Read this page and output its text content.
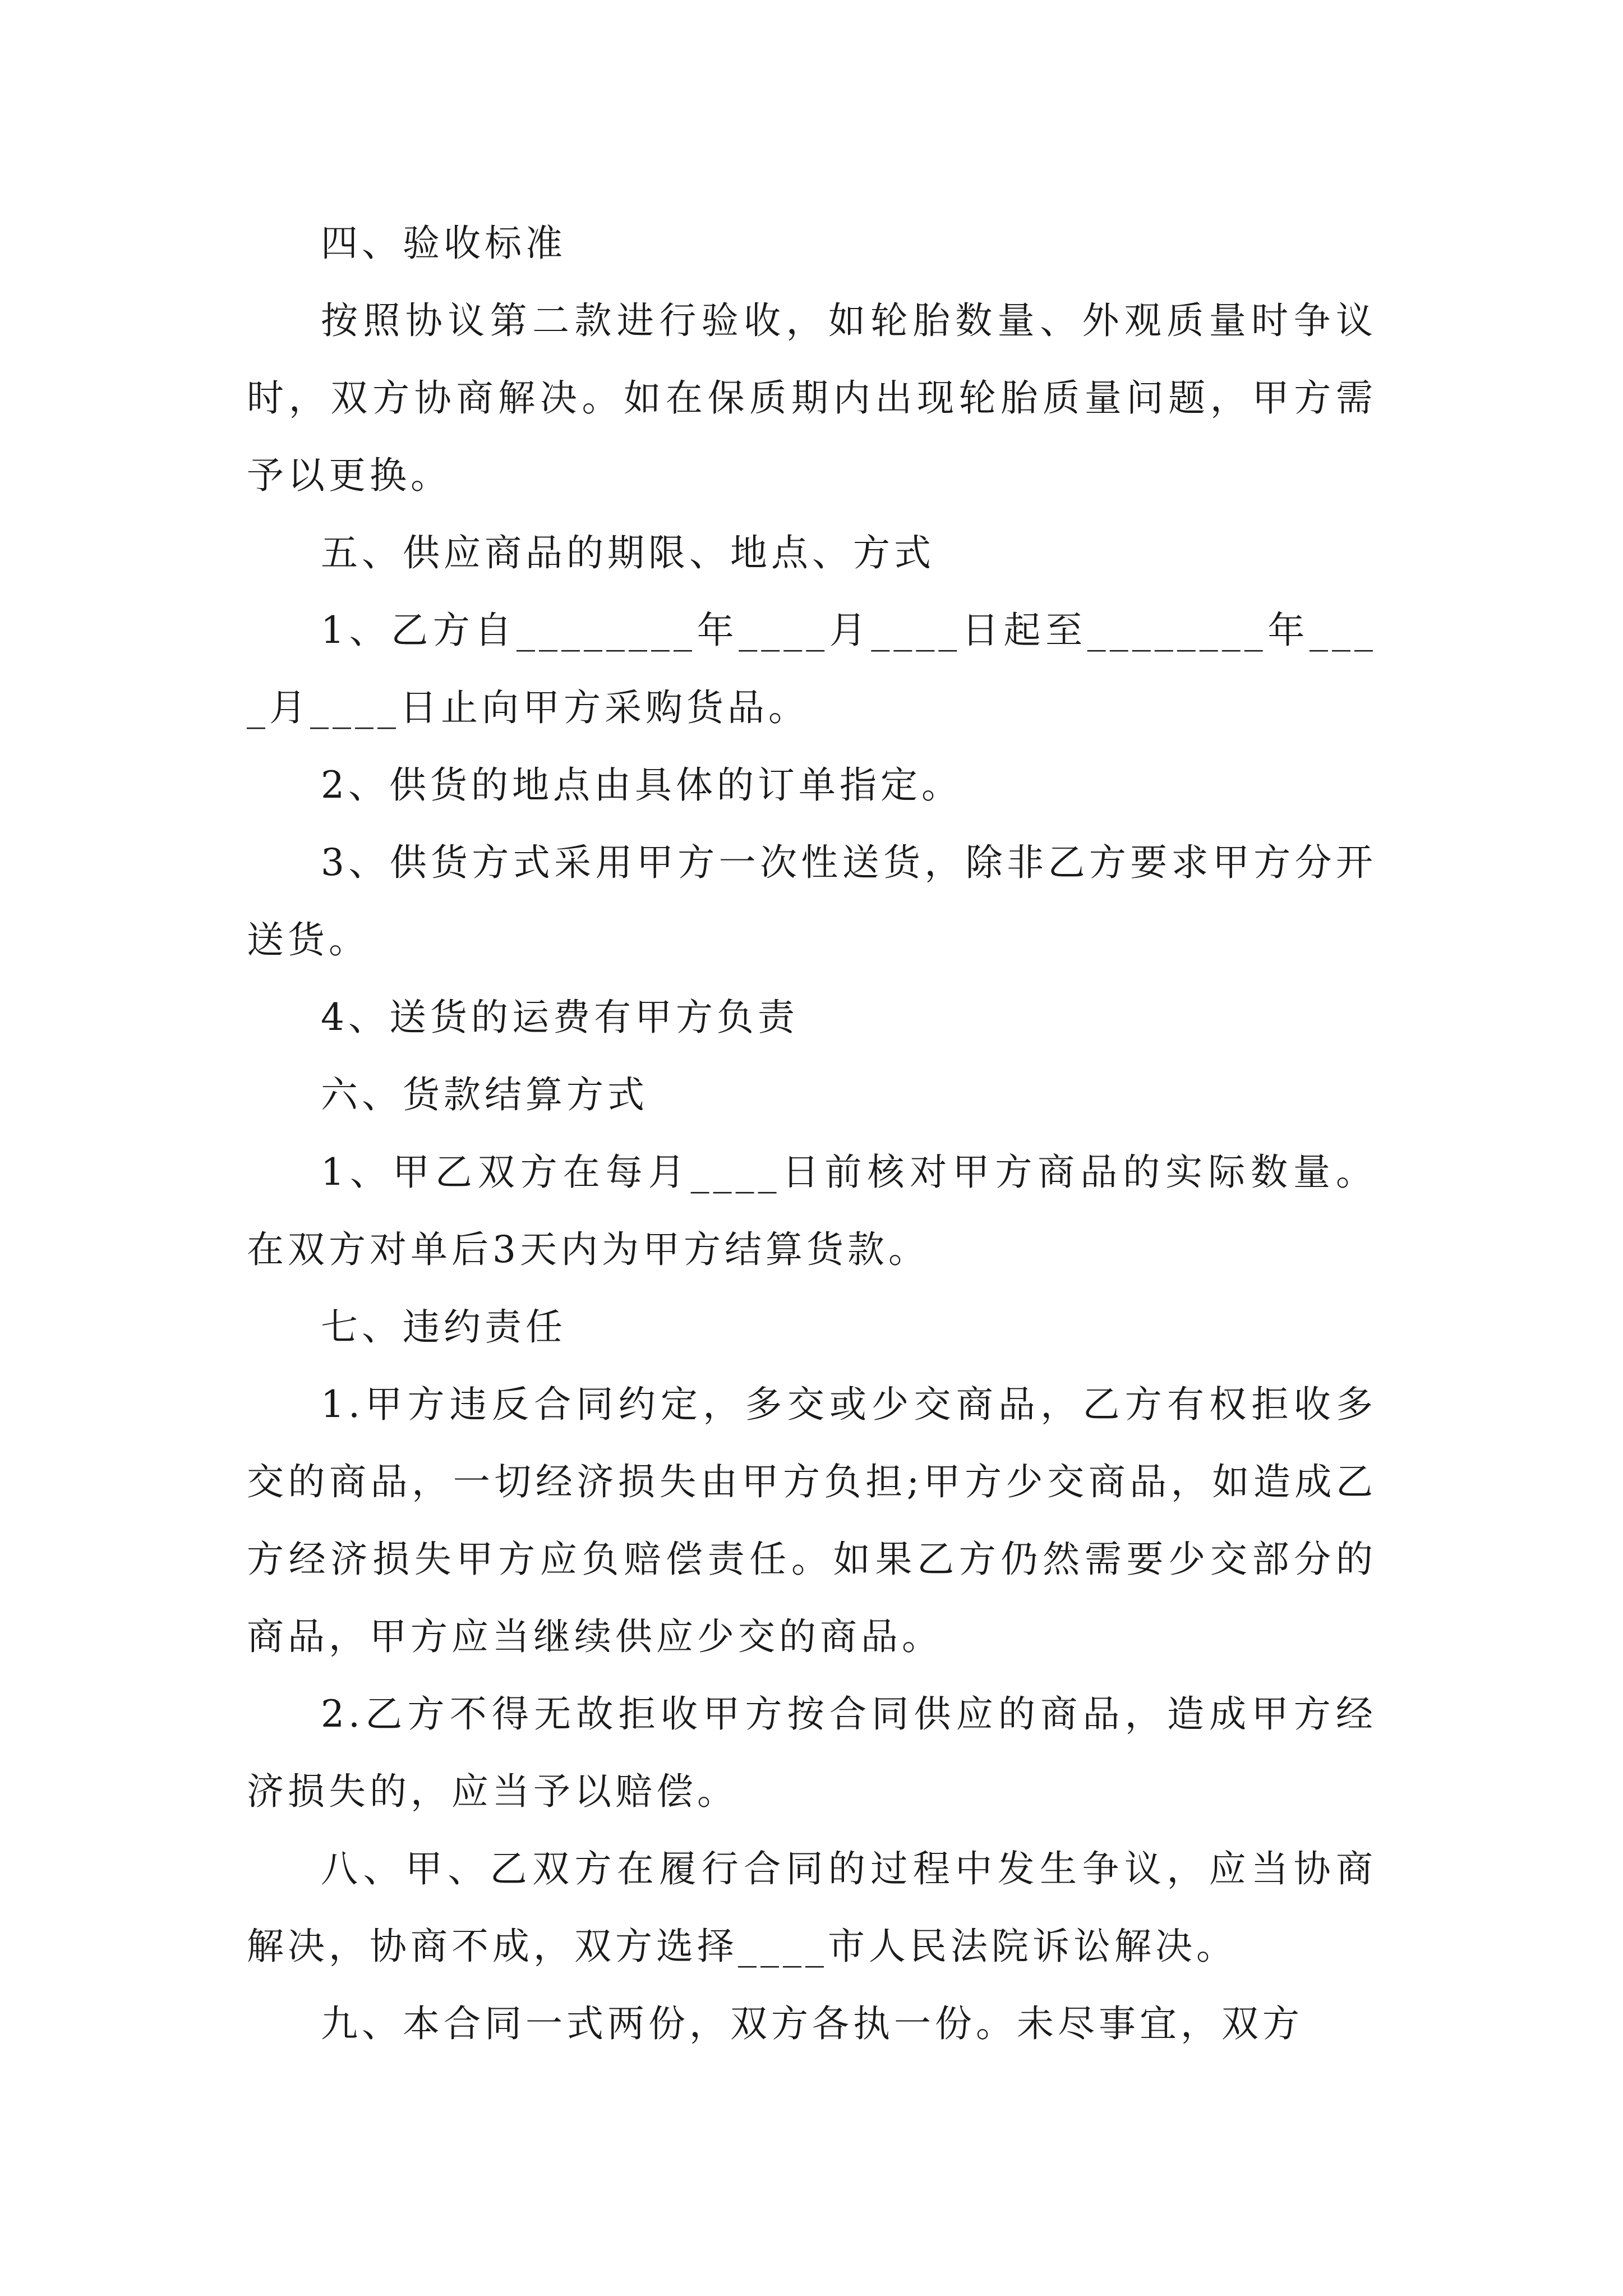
四、验收标准

按照协议第二款进行验收，如轮胎数量、外观质量时争议时，双方协商解决。如在保质期内出现轮胎质量问题，甲方需予以更换。

五、供应商品的期限、地点、方式

1、乙方自________年____月____日起至________年____月____日止向甲方采购货品。

2、供货的地点由具体的订单指定。

3、供货方式采用甲方一次性送货，除非乙方要求甲方分开送货。

4、送货的运费有甲方负责

六、货款结算方式

1、甲乙双方在每月____日前核对甲方商品的实际数量。在双方对单后3天内为甲方结算货款。

七、违约责任

1.甲方违反合同约定，多交或少交商品，乙方有权拒收多交的商品，一切经济损失由甲方负担;甲方少交商品，如造成乙方经济损失甲方应负赔偿责任。如果乙方仍然需要少交部分的商品，甲方应当继续供应少交的商品。

2.乙方不得无故拒收甲方按合同供应的商品，造成甲方经济损失的，应当予以赔偿。

八、甲、乙双方在履行合同的过程中发生争议，应当协商解决，协商不成，双方选择____市人民法院诉讼解决。

九、本合同一式两份，双方各执一份。未尽事宜，双方
